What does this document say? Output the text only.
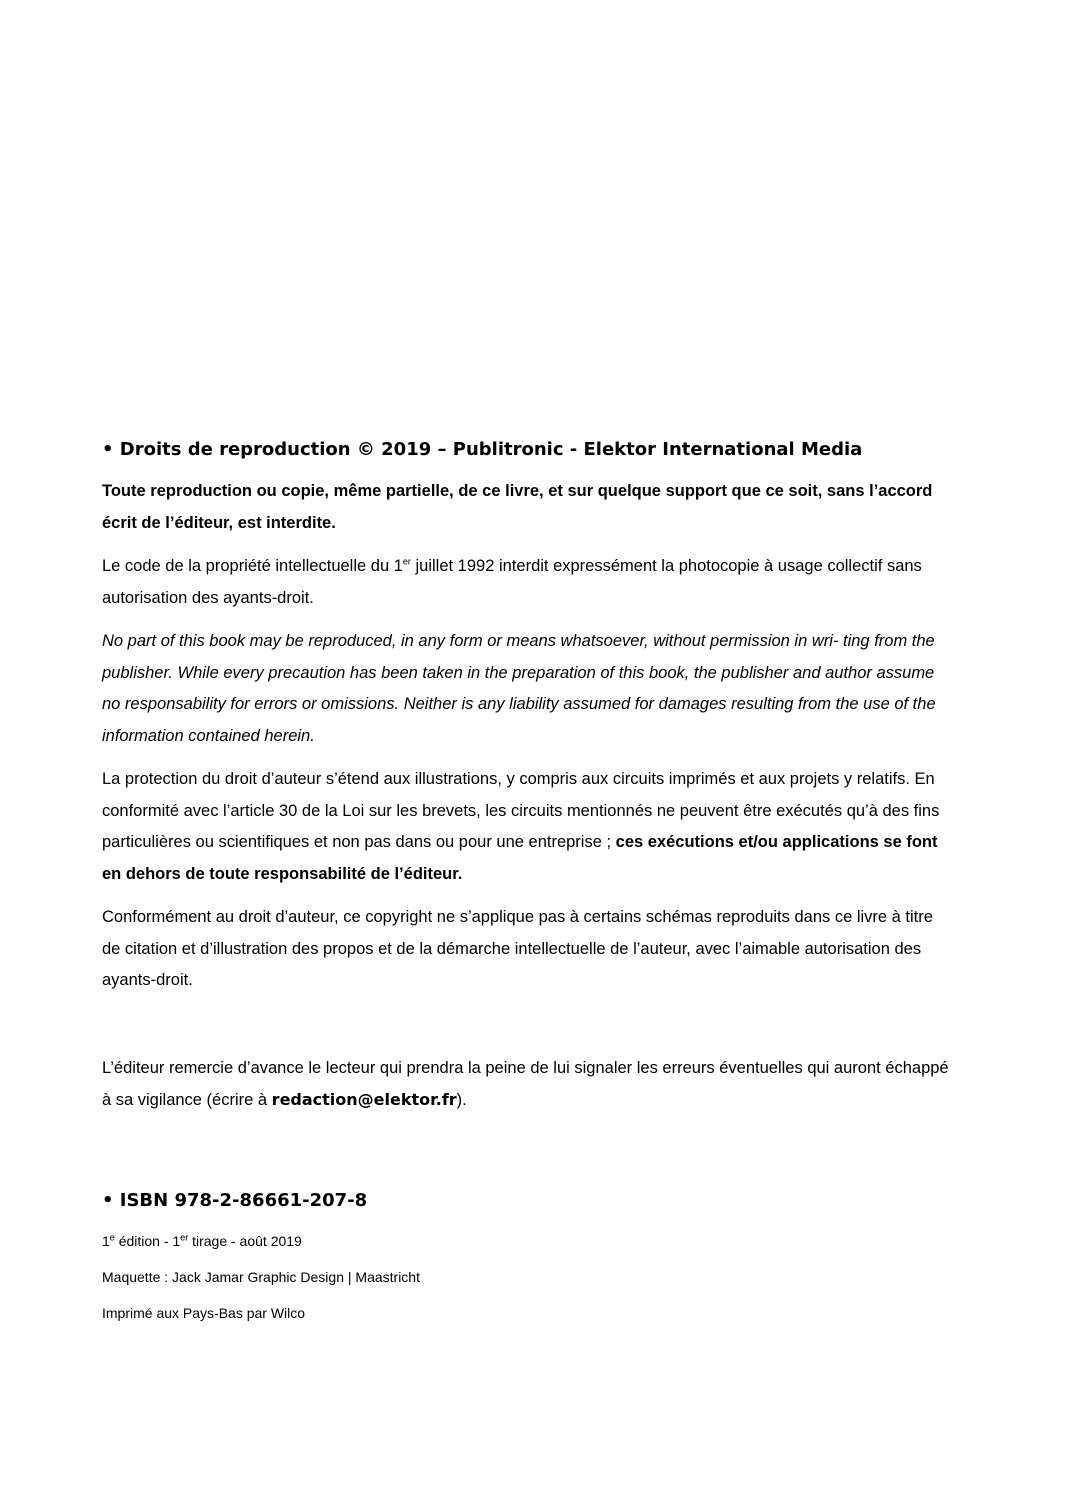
• Droits de reproduction © 2019 – Publitronic - Elektor International Media

Toute reproduction ou copie, même partielle, de ce livre, et sur quelque support que ce soit, sans l’accord écrit de l’éditeur, est interdite.

Le code de la propriété intellectuelle du 1er juillet 1992 interdit expressément la photocopie à usage collectif sans autorisation des ayants-droit.

No part of this book may be reproduced, in any form or means whatsoever, without permission in wri- ting from the publisher. While every precaution has been taken in the preparation of this book, the publisher and author assume no responsability for errors or omissions. Neither is any liability assumed for damages resulting from the use of the information contained herein.

La protection du droit d’auteur s’étend aux illustrations, y compris aux circuits imprimés et aux projets y relatifs. En conformité avec l’article 30 de la Loi sur les brevets, les circuits mentionnés ne peuvent être exécutés qu’à des fins particulières ou scientifiques et non pas dans ou pour une entreprise ; ces exécutions et/ou applications se font en dehors de toute responsabilité de l’éditeur.

Conformément au droit d’auteur, ce copyright ne s’applique pas à certains schémas reproduits dans ce livre à titre de citation et d’illustration des propos et de la démarche intellectuelle de l’auteur, avec l’aimable autorisation des ayants-droit.

L’éditeur remercie d’avance le lecteur qui prendra la peine de lui signaler les erreurs éventuelles qui auront échappé à sa vigilance (écrire à redaction@elektor.fr).

• ISBN 978-2-86661-207-8

1e édition - 1er tirage - août 2019

Maquette : Jack Jamar Graphic Design | Maastricht

Imprimé aux Pays-Bas par Wilco
